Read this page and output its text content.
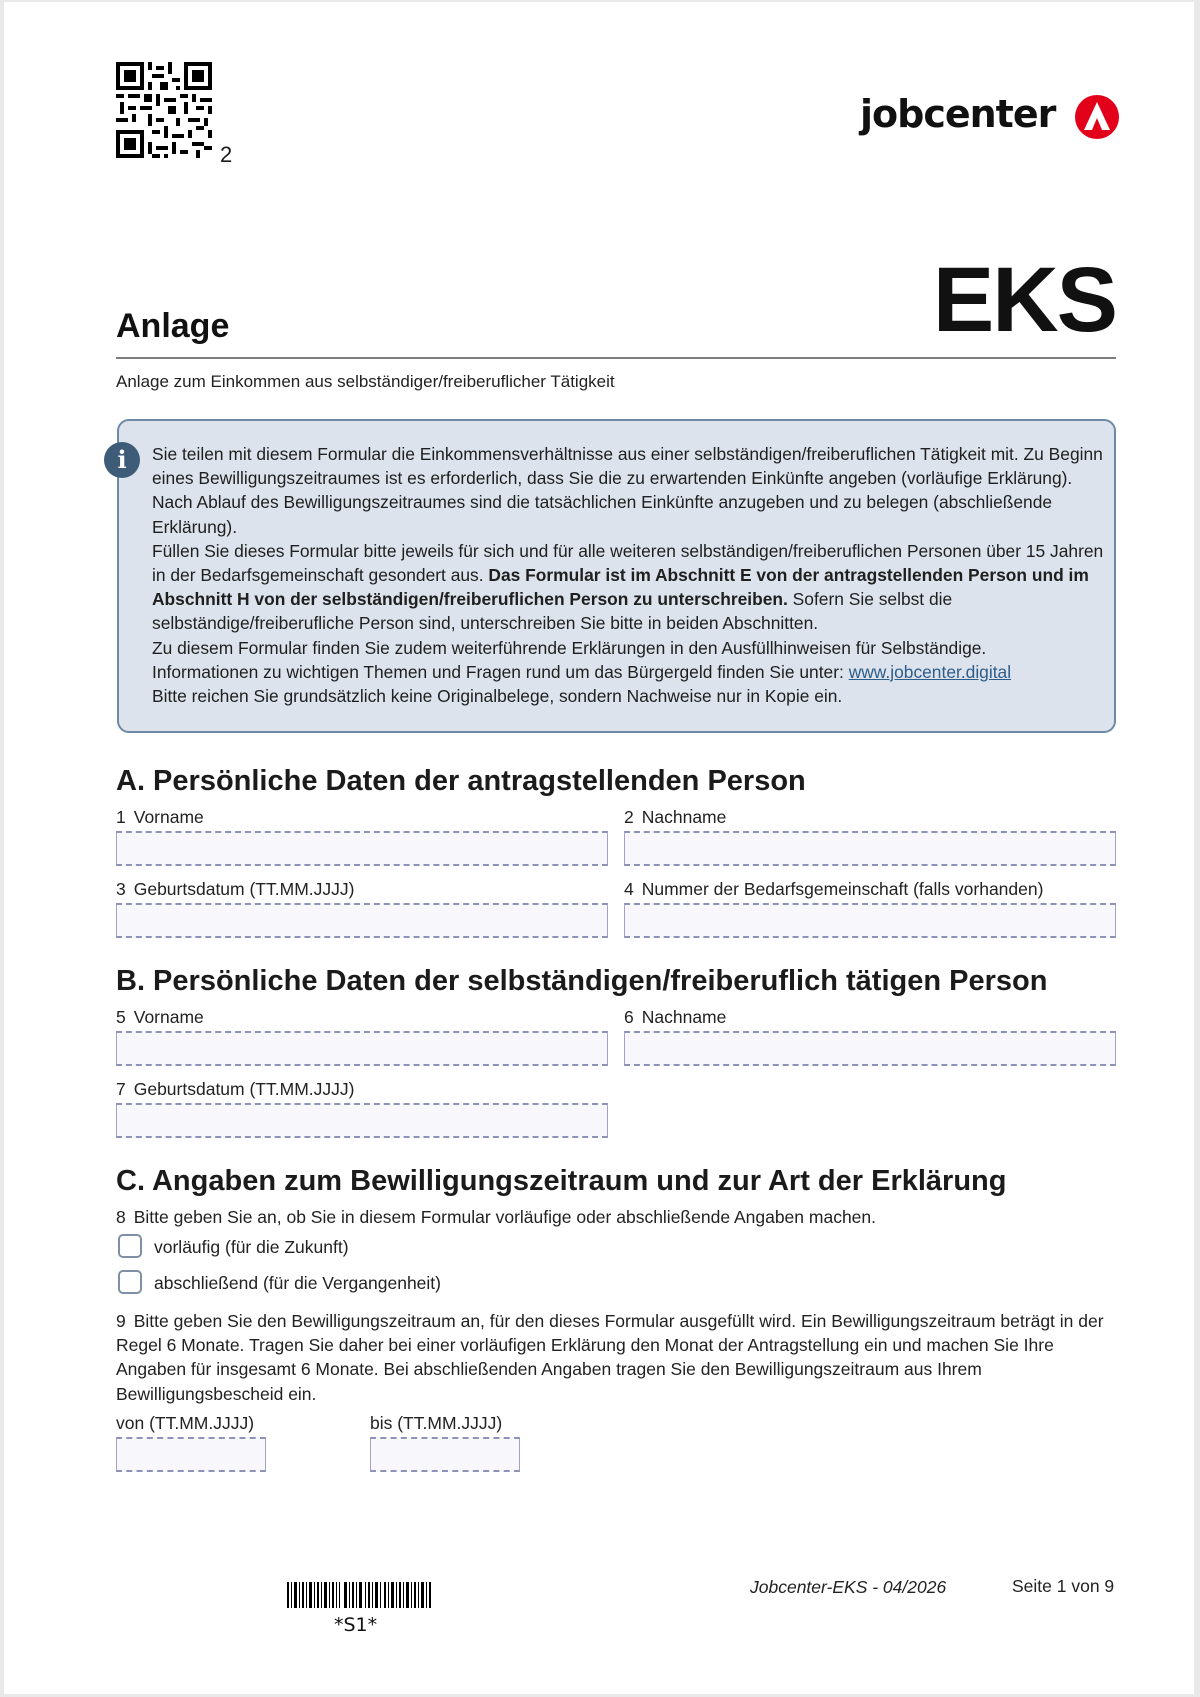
2
jobcenter
EKS
Anlage
Anlage zum Einkommen aus selbständiger/freiberuflicher Tätigkeit
i	Sie teilen mit diesem Formular die Einkommensverhältnisse aus einer selbständigen/freiberuflichen Tätigkeit mit. Zu Beginn eines Bewilligungszeitraumes ist es erforderlich, dass Sie die zu erwartenden Einkünfte angeben (vorläufige Erklärung). Nach Ablauf des Bewilligungszeitraumes sind die tatsächlichen Einkünfte anzugeben und zu belegen (abschließende Erklärung).

Füllen Sie dieses Formular bitte jeweils für sich und für alle weiteren selbständigen/freiberuflichen Personen über 15 Jahren in der Bedarfsgemeinschaft gesondert aus. Das Formular ist im Abschnitt E von der antragstellenden Person und im Abschnitt H von der selbständigen/freiberuflichen Person zu unterschreiben. Sofern Sie selbst die selbständige/freiberufliche Person sind, unterschreiben Sie bitte in beiden Abschnitten.

Zu diesem Formular finden Sie zudem weiterführende Erklärungen in den Ausfüllhinweisen für Selbständige.

Informationen zu wichtigen Themen und Fragen rund um das Bürgergeld finden Sie unter: www.jobcenter.digital

Bitte reichen Sie grundsätzlich keine Originalbelege, sondern Nachweise nur in Kopie ein.

A. Persönliche Daten der antragstellenden Person
1 Vorname	2 Nachname
3 Geburtsdatum (TT.MM.JJJJ)	4 Nummer der Bedarfsgemeinschaft (falls vorhanden)
B. Persönliche Daten der selbständigen/freiberuflich tätigen Person
5 Vorname	6 Nachname
7 Geburtsdatum (TT.MM.JJJJ)
C. Angaben zum Bewilligungszeitraum und zur Art der Erklärung
8 Bitte geben Sie an, ob Sie in diesem Formular vorläufige oder abschließende Angaben machen.
vorläufig (für die Zukunft)
abschließend (für die Vergangenheit)
9 Bitte geben Sie den Bewilligungszeitraum an, für den dieses Formular ausgefüllt wird. Ein Bewilligungszeitraum beträgt in der Regel 6 Monate. Tragen Sie daher bei einer vorläufigen Erklärung den Monat der Antragstellung ein und machen Sie Ihre Angaben für insgesamt 6 Monate. Bei abschließenden Angaben tragen Sie den Bewilligungszeitraum aus Ihrem Bewilligungsbescheid ein.
von (TT.MM.JJJJ)	bis (TT.MM.JJJJ)
*S1*
Jobcenter-EKS - 04/2026	Seite 1 von 9
